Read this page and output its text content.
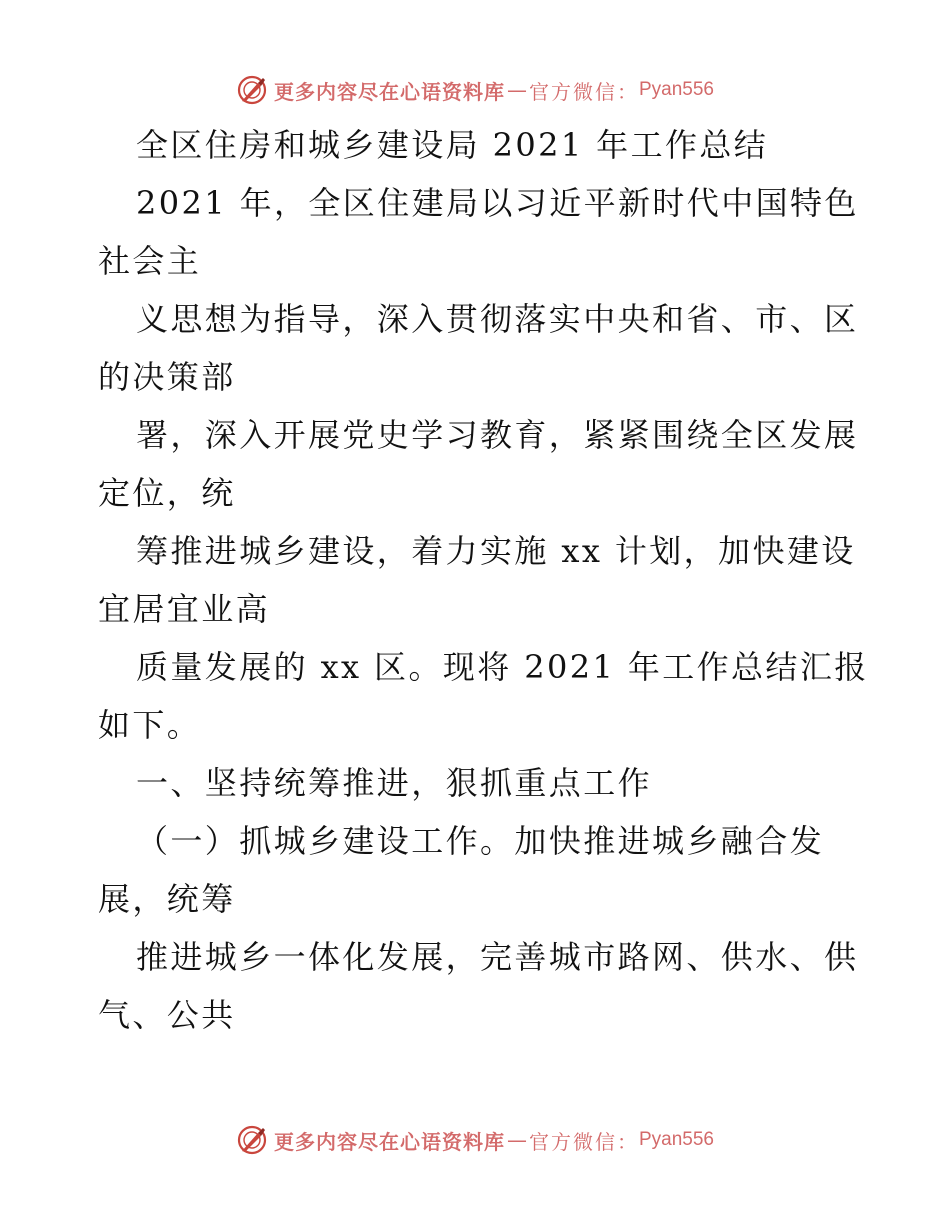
更多内容尽在心语资料库 — 官方微信： Pyan556
全区住房和城乡建设局 2021 年工作总结
2021 年，全区住建局以习近平新时代中国特色
社会主
义思想为指导，深入贯彻落实中央和省、市、区
的决策部
署，深入开展党史学习教育，紧紧围绕全区发展
定位，统
筹推进城乡建设，着力实施 xx 计划，加快建设
宜居宜业高
质量发展的 xx 区。现将 2021 年工作总结汇报
如下。
一、坚持统筹推进，狠抓重点工作
（一）抓城乡建设工作。加快推进城乡融合发
展，统筹
推进城乡一体化发展，完善城市路网、供水、供
气、公共
更多内容尽在心语资料库 — 官方微信： Pyan556
